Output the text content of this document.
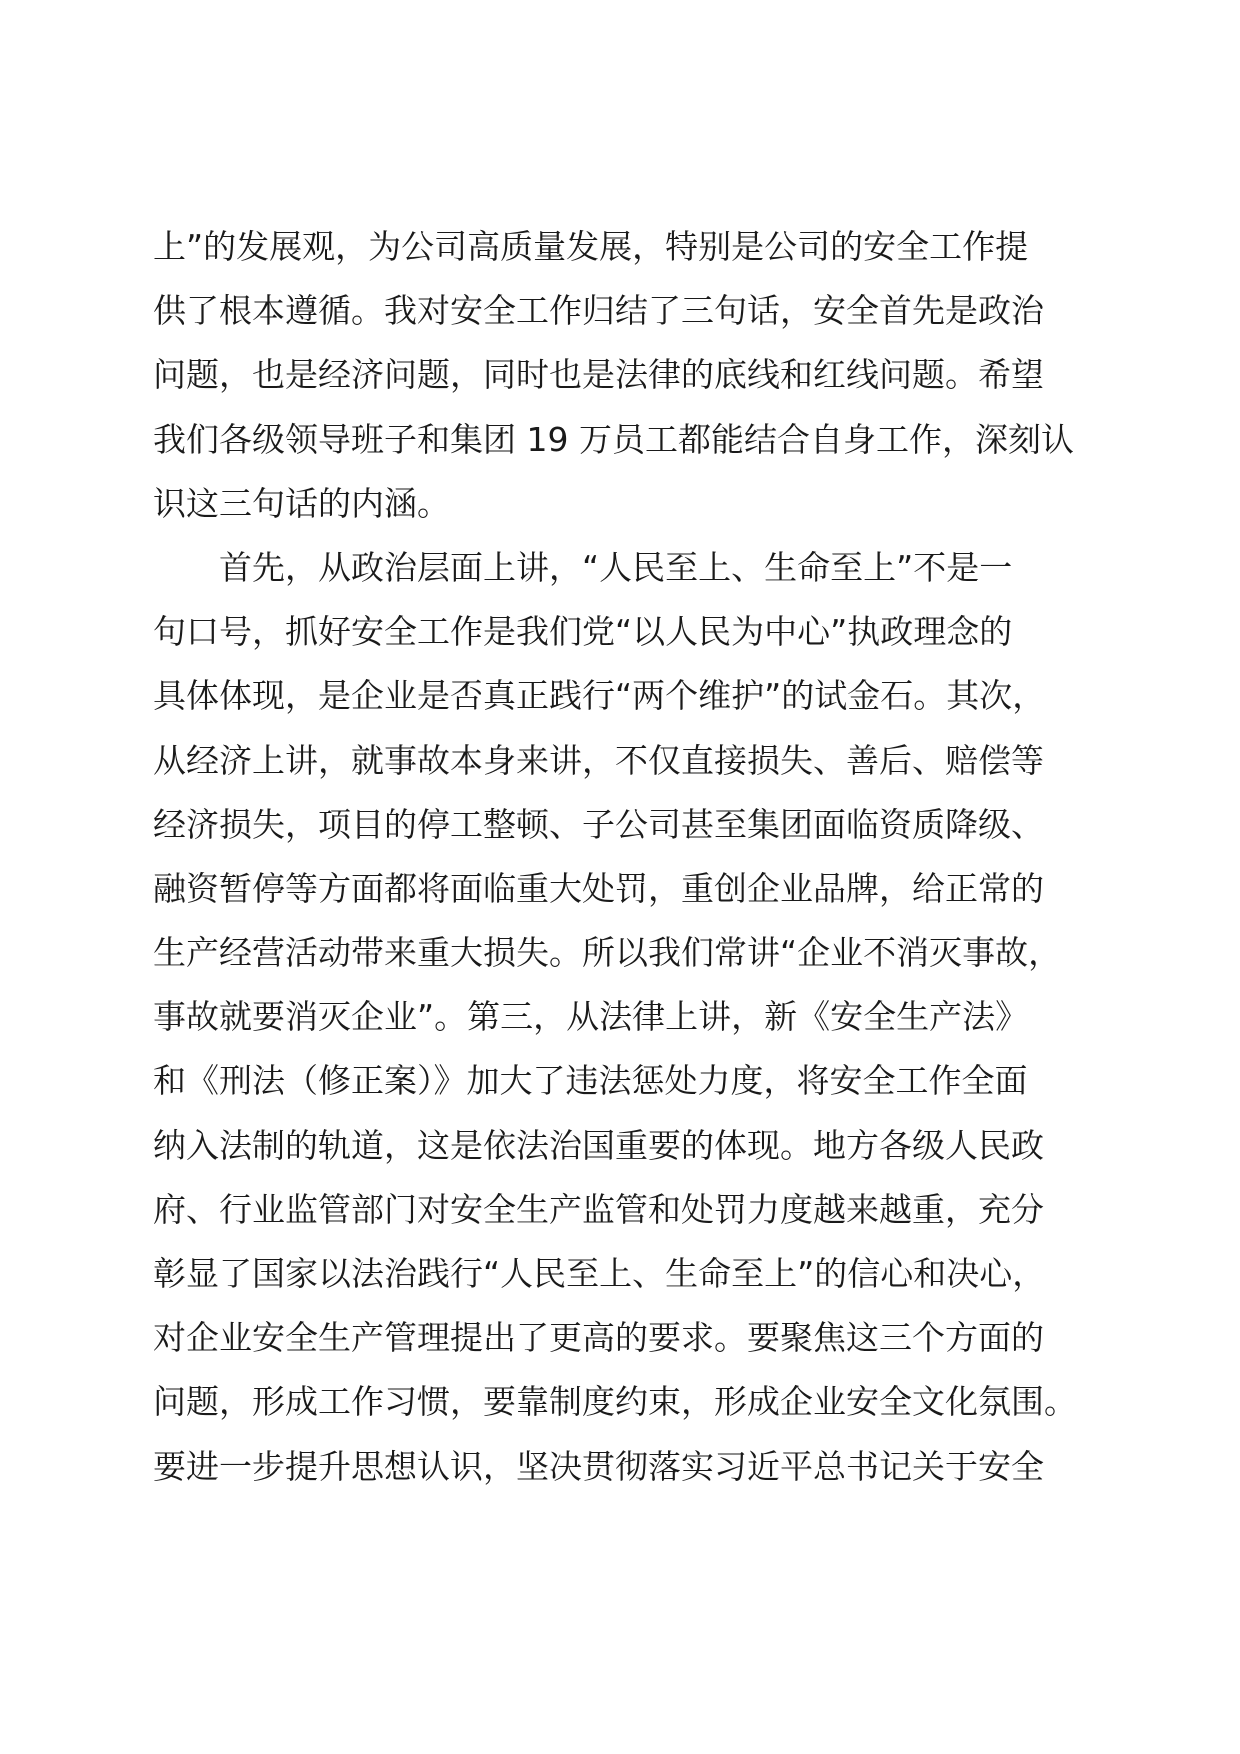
上”的发展观，为公司高质量发展，特别是公司的安全工作提
供了根本遵循。我对安全工作归结了三句话，安全首先是政治
问题，也是经济问题，同时也是法律的底线和红线问题。希望
我们各级领导班子和集团 19 万员工都能结合自身工作，深刻认
识这三句话的内涵。
首先，从政治层面上讲，“人民至上、生命至上”不是一
句口号，抓好安全工作是我们党“以人民为中心”执政理念的
具体体现，是企业是否真正践行“两个维护”的试金石。其次，
从经济上讲，就事故本身来讲，不仅直接损失、善后、赔偿等
经济损失，项目的停工整顿、子公司甚至集团面临资质降级、
融资暂停等方面都将面临重大处罚，重创企业品牌，给正常的
生产经营活动带来重大损失。所以我们常讲“企业不消灭事故，
事故就要消灭企业”。第三，从法律上讲，新《安全生产法》
和《刑法（修正案）》加大了违法惩处力度，将安全工作全面
纳入法制的轨道，这是依法治国重要的体现。地方各级人民政
府、行业监管部门对安全生产监管和处罚力度越来越重，充分
彰显了国家以法治践行“人民至上、生命至上”的信心和决心，
对企业安全生产管理提出了更高的要求。要聚焦这三个方面的
问题，形成工作习惯，要靠制度约束，形成企业安全文化氛围。
要进一步提升思想认识，坚决贯彻落实习近平总书记关于安全
